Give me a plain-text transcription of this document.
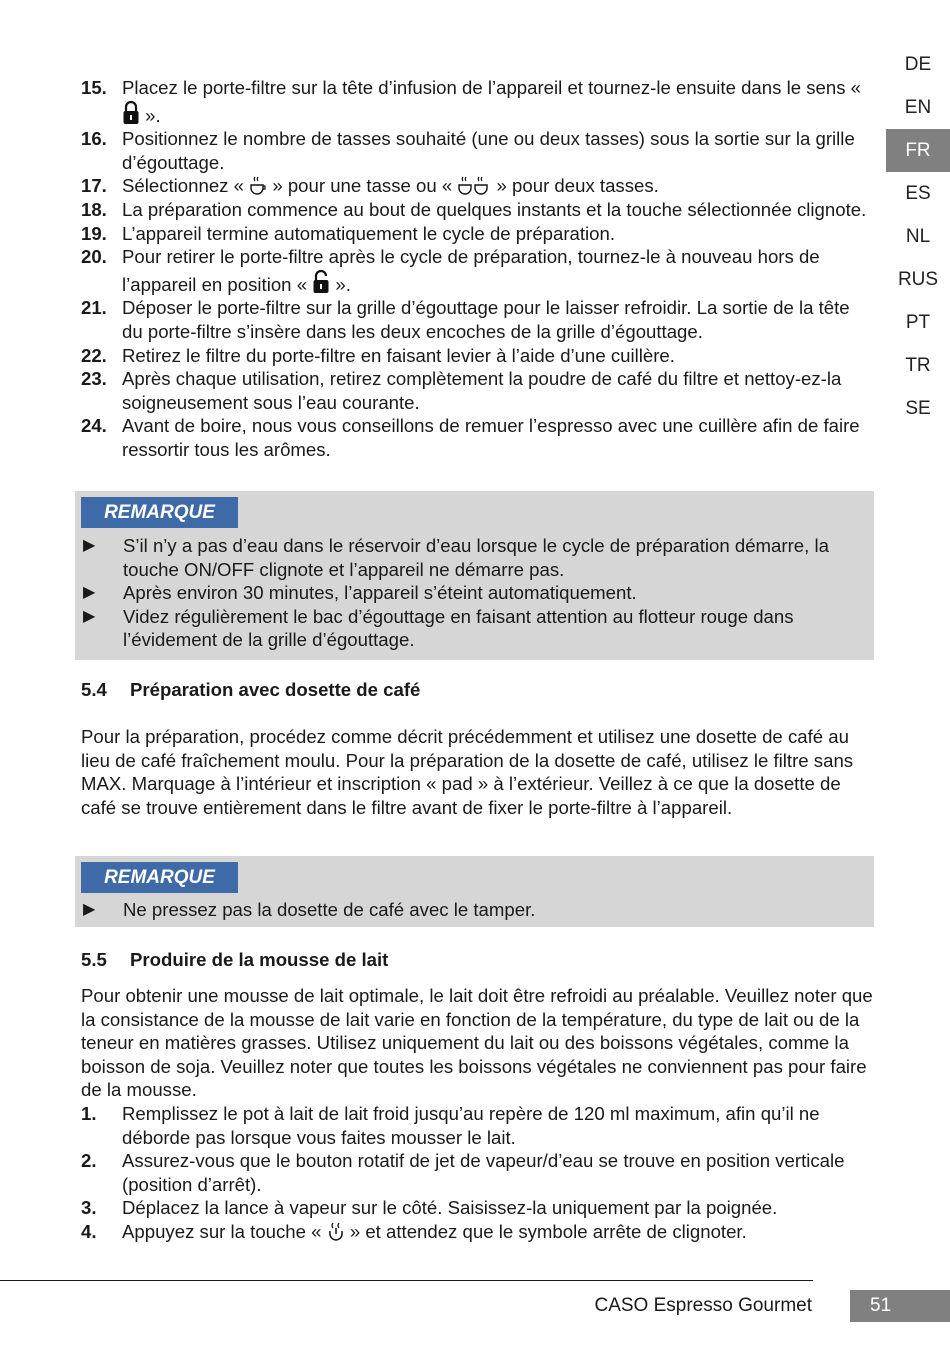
DE
EN
FR
ES
NL
RUS
PT
TR
SE
15. Placez le porte-filtre sur la tête d’infusion de l’appareil et tournez-le ensuite dans le sens «  ».
16. Positionnez le nombre de tasses souhaité (une ou deux tasses) sous la sortie sur la grille d’égouttage.
17. Sélectionnez «  » pour une tasse ou «  » pour deux tasses.
18. La préparation commence au bout de quelques instants et la touche sélectionnée clignote.
19. L’appareil termine automatiquement le cycle de préparation.
20. Pour retirer le porte-filtre après le cycle de préparation, tournez-le à nouveau hors de l’appareil en position «  ».
21. Déposer le porte-filtre sur la grille d’égouttage pour le laisser refroidir. La sortie de la tête du porte-filtre s’insère dans les deux encoches de la grille d’égouttage.
22. Retirez le filtre du porte-filtre en faisant levier à l’aide d’une cuillère.
23. Après chaque utilisation, retirez complètement la poudre de café du filtre et nettoy-ez-la soigneusement sous l’eau courante.
24. Avant de boire, nous vous conseillons de remuer l’espresso avec une cuillère afin de faire ressortir tous les arômes.
REMARQUE
▶	S’il n’y a pas d’eau dans le réservoir d’eau lorsque le cycle de préparation démarre, la touche ON/OFF clignote et l’appareil ne démarre pas.
▶	Après environ 30 minutes, l’appareil s’éteint automatiquement.
▶	Videz régulièrement le bac d’égouttage en faisant attention au flotteur rouge dans l’évidement de la grille d’égouttage.
5.4 Préparation avec dosette de café
Pour la préparation, procédez comme décrit précédemment et utilisez une dosette de café au lieu de café fraîchement moulu. Pour la préparation de la dosette de café, utilisez le filtre sans MAX. Marquage à l’intérieur et inscription « pad » à l’extérieur. Veillez à ce que la dosette de café se trouve entièrement dans le filtre avant de fixer le porte-filtre à l’appareil.
REMARQUE
▶	Ne pressez pas la dosette de café avec le tamper.
5.5 Produire de la mousse de lait
Pour obtenir une mousse de lait optimale, le lait doit être refroidi au préalable. Veuillez noter que la consistance de la mousse de lait varie en fonction de la température, du type de lait ou de la teneur en matières grasses. Utilisez uniquement du lait ou des boissons végétales, comme la boisson de soja. Veuillez noter que toutes les boissons végétales ne conviennent pas pour faire de la mousse.
1.	Remplissez le pot à lait de lait froid jusqu’au repère de 120 ml maximum, afin qu’il ne déborde pas lorsque vous faites mousser le lait.
2.	Assurez-vous que le bouton rotatif de jet de vapeur/d’eau se trouve en position verticale (position d’arrêt).
3.	Déplacez la lance à vapeur sur le côté. Saisissez-la uniquement par la poignée.
4.	Appuyez sur la touche «  » et attendez que le symbole arrête de clignoter.
CASO Espresso Gourmet	51
